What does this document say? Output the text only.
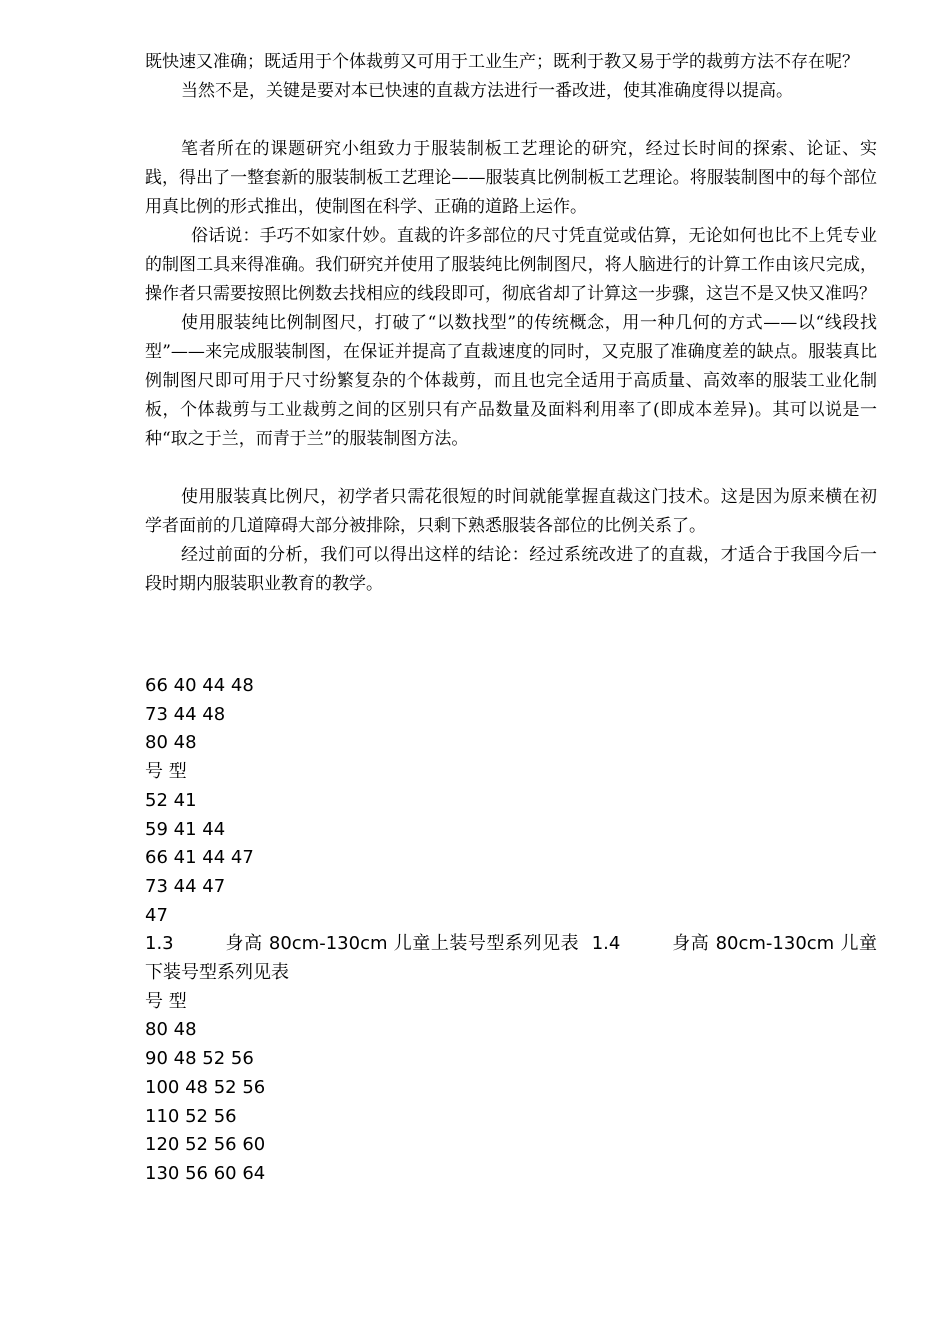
既快速又准确；既适用于个体裁剪又可用于工业生产；既利于教又易于学的裁剪方法不存在呢？

当然不是，关键是要对本已快速的直裁方法进行一番改进，使其准确度得以提高。

笔者所在的课题研究小组致力于服装制板工艺理论的研究，经过长时间的探索、论证、实践，得出了一整套新的服装制板工艺理论——服装真比例制板工艺理论。将服装制图中的每个部位用真比例的形式推出，使制图在科学、正确的道路上运作。

俗话说：手巧不如家什妙。直裁的许多部位的尺寸凭直觉或估算，无论如何也比不上凭专业的制图工具来得准确。我们研究并使用了服装纯比例制图尺，将人脑进行的计算工作由该尺完成，操作者只需要按照比例数去找相应的线段即可，彻底省却了计算这一步骤，这岂不是又快又准吗？

使用服装纯比例制图尺，打破了“以数找型”的传统概念，用一种几何的方式——以“线段找型”——来完成服装制图，在保证并提高了直裁速度的同时，又克服了准确度差的缺点。服装真比例制图尺即可用于尺寸纷繁复杂的个体裁剪，而且也完全适用于高质量、高效率的服装工业化制板，个体裁剪与工业裁剪之间的区别只有产品数量及面料利用率了(即成本差异)。其可以说是一种“取之于兰，而青于兰”的服装制图方法。

使用服装真比例尺，初学者只需花很短的时间就能掌握直裁这门技术。这是因为原来横在初学者面前的几道障碍大部分被排除，只剩下熟悉服装各部位的比例关系了。

经过前面的分析，我们可以得出这样的结论：经过系统改进了的直裁，才适合于我国今后一段时期内服装职业教育的教学。

66 40 44 48

73 44 48

80 48

号 型

52 41

59 41 44

66 41 44 47

73 44 47

47

1.3	身高 80cm-130cm 儿童上装号型系列见表 1.4	身高 80cm-130cm 儿童下装号型系列见表

号 型

80 48

90 48 52 56

100 48 52 56

110 52 56

120 52 56 60

130 56 60 64
